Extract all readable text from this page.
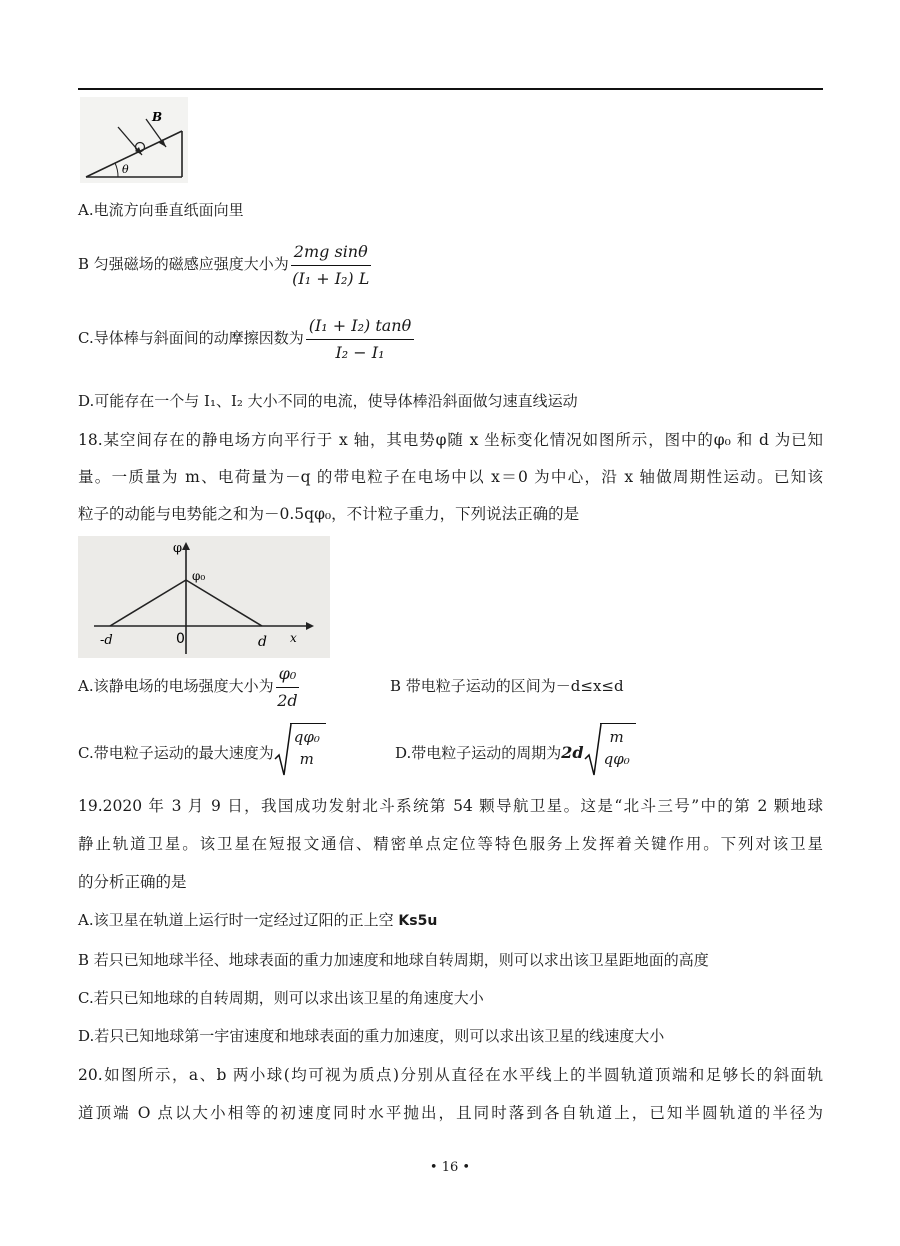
B
θ
A.电流方向垂直纸面向里
B 匀强磁场的磁感应强度大小为 $\frac{\text{2mg sinθ}}{\text{(I₁ + I₂) L}}$
C.导体棒与斜面间的动摩擦因数为 $\frac{\text{(I₁ + I₂) tanθ}}{\text{I₂ − I₁}}$
D.可能存在一个与 I₁、I₂ 大小不同的电流，使导体棒沿斜面做匀速直线运动
18.某空间存在的静电场方向平行于 x 轴，其电势φ随 x 坐标变化情况如图所示，图中的φ₀ 和 d 为已知
量。一质量为 m、电荷量为－q 的带电粒子在电场中以 x＝0 为中心，沿 x 轴做周期性运动。已知该
粒子的动能与电势能之和为－0.5qφ₀，不计粒子重力，下列说法正确的是
φ
φ₀
-d	0	d x
A.该静电场的电场强度大小为 $\frac{\text{φ₀}}{2d}$	B 带电粒子运动的区间为－d≤x≤d
C.带电粒子运动的最大速度为
qφ₀
m	D.带电粒子运动的周期为2d
m
qφ₀
19.2020 年 3 月 9 日，我国成功发射北斗系统第 54 颗导航卫星。这是“北斗三号”中的第 2 颗地球
静止轨道卫星。该卫星在短报文通信、精密单点定位等特色服务上发挥着关键作用。下列对该卫星
的分析正确的是
A.该卫星在轨道上运行时一定经过辽阳的正上空 Ks5u
B 若只已知地球半径、地球表面的重力加速度和地球自转周期，则可以求出该卫星距地面的高度
C.若只已知地球的自转周期，则可以求出该卫星的角速度大小
D.若只已知地球第一宇宙速度和地球表面的重力加速度，则可以求出该卫星的线速度大小
20.如图所示，a、b 两小球(均可视为质点)分别从直径在水平线上的半圆轨道顶端和足够长的斜面轨
道顶端 O 点以大小相等的初速度同时水平抛出，且同时落到各自轨道上，已知半圆轨道的半径为
• 16 •
